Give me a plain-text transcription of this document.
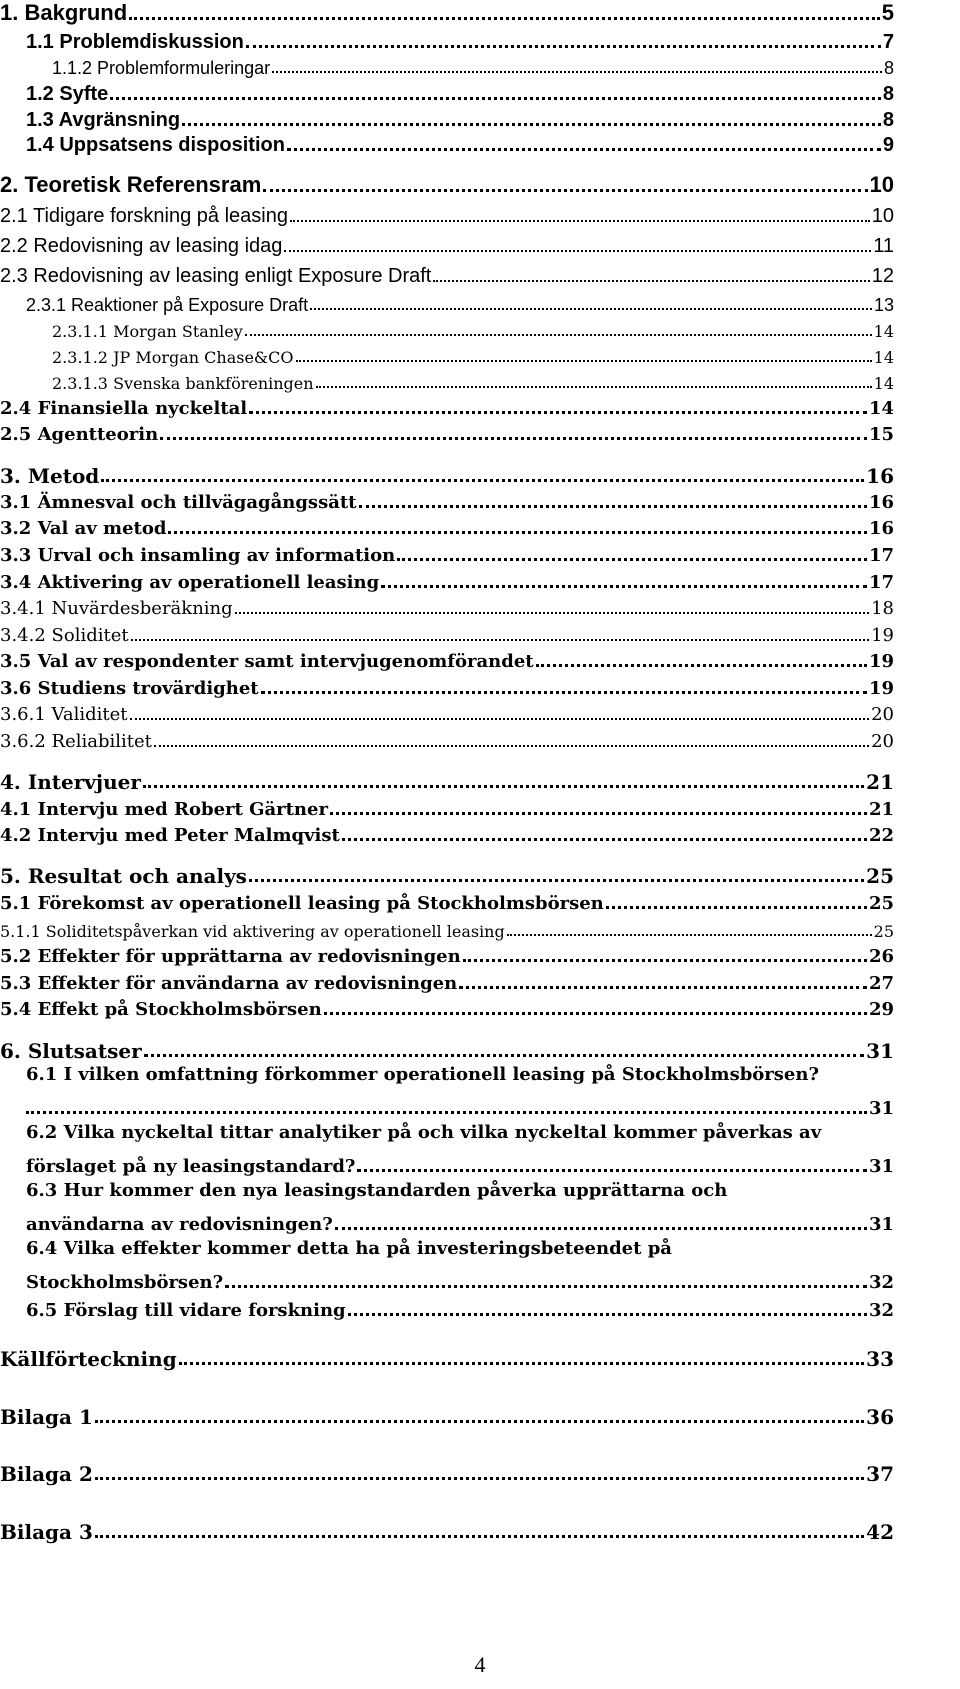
1. Bakgrund	5
1.1 Problemdiskussion	7
1.1.2 Problemformuleringar	8
1.2 Syfte	8
1.3 Avgränsning	8
1.4 Uppsatsens disposition	9
2. Teoretisk Referensram	10
2.1 Tidigare forskning på leasing	10
2.2 Redovisning av leasing idag	11
2.3 Redovisning av leasing enligt Exposure Draft	12
2.3.1 Reaktioner på Exposure Draft	13
2.3.1.1 Morgan Stanley	14
2.3.1.2 JP Morgan Chase&CO	14
2.3.1.3 Svenska bankföreningen	14
2.4 Finansiella nyckeltal	14
2.5 Agentteorin	15
3. Metod	16
3.1 Ämnesval och tillvägagångssätt	16
3.2 Val av metod	16
3.3 Urval och insamling av information	17
3.4 Aktivering av operationell leasing	17
3.4.1 Nuvärdesberäkning	18
3.4.2 Soliditet	19
3.5 Val av respondenter samt intervjugenomförandet	19
3.6 Studiens trovärdighet	19
3.6.1 Validitet	20
3.6.2 Reliabilitet	20
4. Intervjuer	21
4.1 Intervju med Robert Gärtner	21
4.2 Intervju med Peter Malmqvist	22
5. Resultat och analys	25
5.1 Förekomst av operationell leasing på Stockholmsbörsen	25
5.1.1 Soliditetspåverkan vid aktivering av operationell leasing	25
5.2 Effekter för upprättarna av redovisningen	26
5.3 Effekter för användarna av redovisningen	27
5.4 Effekt på Stockholmsbörsen	29
6. Slutsatser	31
6.1 I vilken omfattning förkommer operationell leasing på Stockholmsbörsen?
31
6.2 Vilka nyckeltal tittar analytiker på och vilka nyckeltal kommer påverkas av
förslaget på ny leasingstandard?	31
6.3 Hur kommer den nya leasingstandarden påverka upprättarna och
användarna av redovisningen?	31
6.4 Vilka effekter kommer detta ha på investeringsbeteendet på
Stockholmsbörsen?	32
6.5 Förslag till vidare forskning	32
Källförteckning	33
Bilaga 1	36
Bilaga 2	37
Bilaga 3	42
4
